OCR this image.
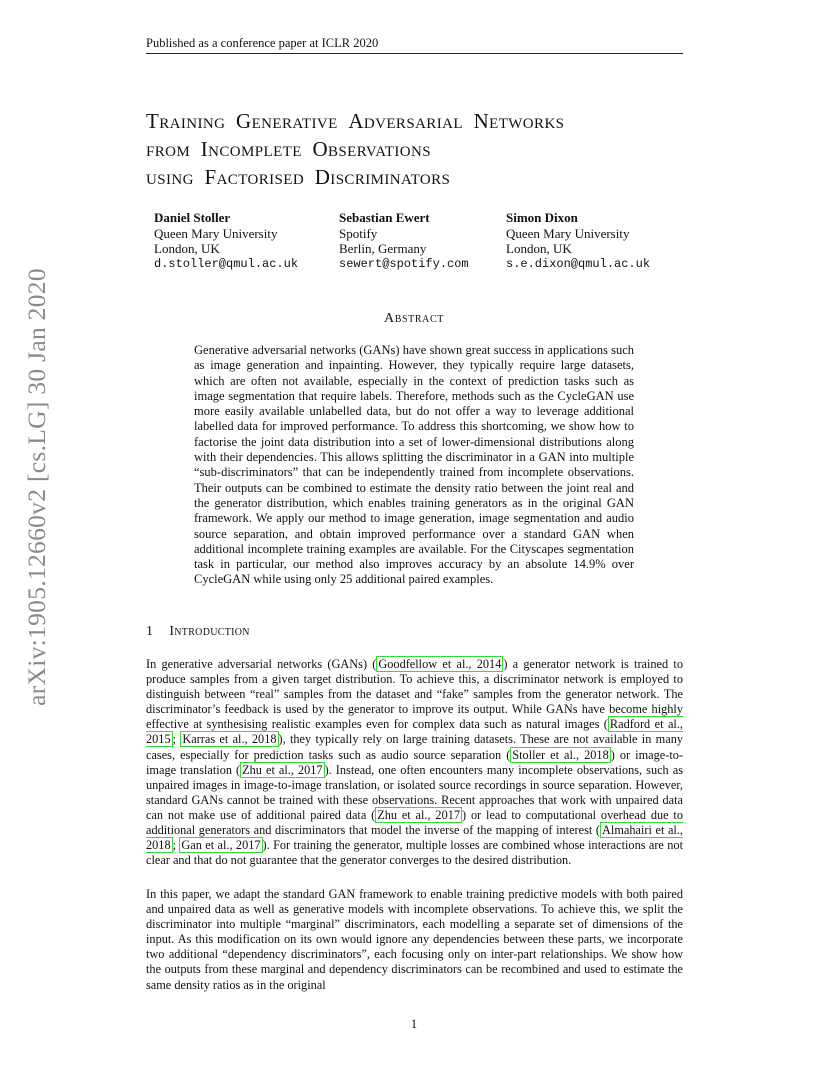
Published as a conference paper at ICLR 2020
arXiv:1905.12660v2 [cs.LG] 30 Jan 2020
Training Generative Adversarial Networks
from Incomplete Observations
using Factorised Discriminators
Daniel Stoller
Queen Mary University
London, UK
d.stoller@qmul.ac.uk
Sebastian Ewert
Spotify
Berlin, Germany
sewert@spotify.com
Simon Dixon
Queen Mary University
London, UK
s.e.dixon@qmul.ac.uk
Abstract
Generative adversarial networks (GANs) have shown great success in applications such as image generation and inpainting. However, they typically require large datasets, which are often not available, especially in the context of prediction tasks such as image segmentation that require labels. Therefore, methods such as the CycleGAN use more easily available unlabelled data, but do not offer a way to leverage additional labelled data for improved performance. To address this shortcoming, we show how to factorise the joint data distribution into a set of lower-dimensional distributions along with their dependencies. This allows splitting the discriminator in a GAN into multiple “sub-discriminators” that can be independently trained from incomplete observations. Their outputs can be combined to estimate the density ratio between the joint real and the generator distribution, which enables training generators as in the original GAN framework. We apply our method to image generation, image segmentation and audio source separation, and obtain improved performance over a standard GAN when additional incomplete training examples are available. For the Cityscapes segmentation task in particular, our method also improves accuracy by an absolute 14.9% over CycleGAN while using only 25 additional paired examples.
1 Introduction
In generative adversarial networks (GANs) ( Goodfellow et al., 2014 ) a generator network is trained to produce samples from a given target distribution. To achieve this, a discriminator network is employed to distinguish between “real” samples from the dataset and “fake” samples from the generator network. The discriminator’s feedback is used by the generator to improve its output. While GANs have become highly effective at synthesising realistic examples even for complex data such as natural images ( Radford et al., 2015 ; Karras et al., 2018 ), they typically rely on large training datasets. These are not available in many cases, especially for prediction tasks such as audio source separation ( Stoller et al., 2018 ) or image-to-image translation ( Zhu et al., 2017 ). Instead, one often encounters many incomplete observations, such as unpaired images in image-to-image translation, or isolated source recordings in source separation. However, standard GANs cannot be trained with these observations. Recent approaches that work with unpaired data can not make use of additional paired data ( Zhu et al., 2017 ) or lead to computational overhead due to additional generators and discriminators that model the inverse of the mapping of interest ( Almahairi et al., 2018 ; Gan et al., 2017 ). For training the generator, multiple losses are combined whose interactions are not clear and that do not guarantee that the generator converges to the desired distribution.
In this paper, we adapt the standard GAN framework to enable training predictive models with both paired and unpaired data as well as generative models with incomplete observations. To achieve this, we split the discriminator into multiple “marginal” discriminators, each modelling a separate set of dimensions of the input. As this modification on its own would ignore any dependencies between these parts, we incorporate two additional “dependency discriminators”, each focusing only on inter-part relationships. We show how the outputs from these marginal and dependency discriminators can be recombined and used to estimate the same density ratios as in the original
1
